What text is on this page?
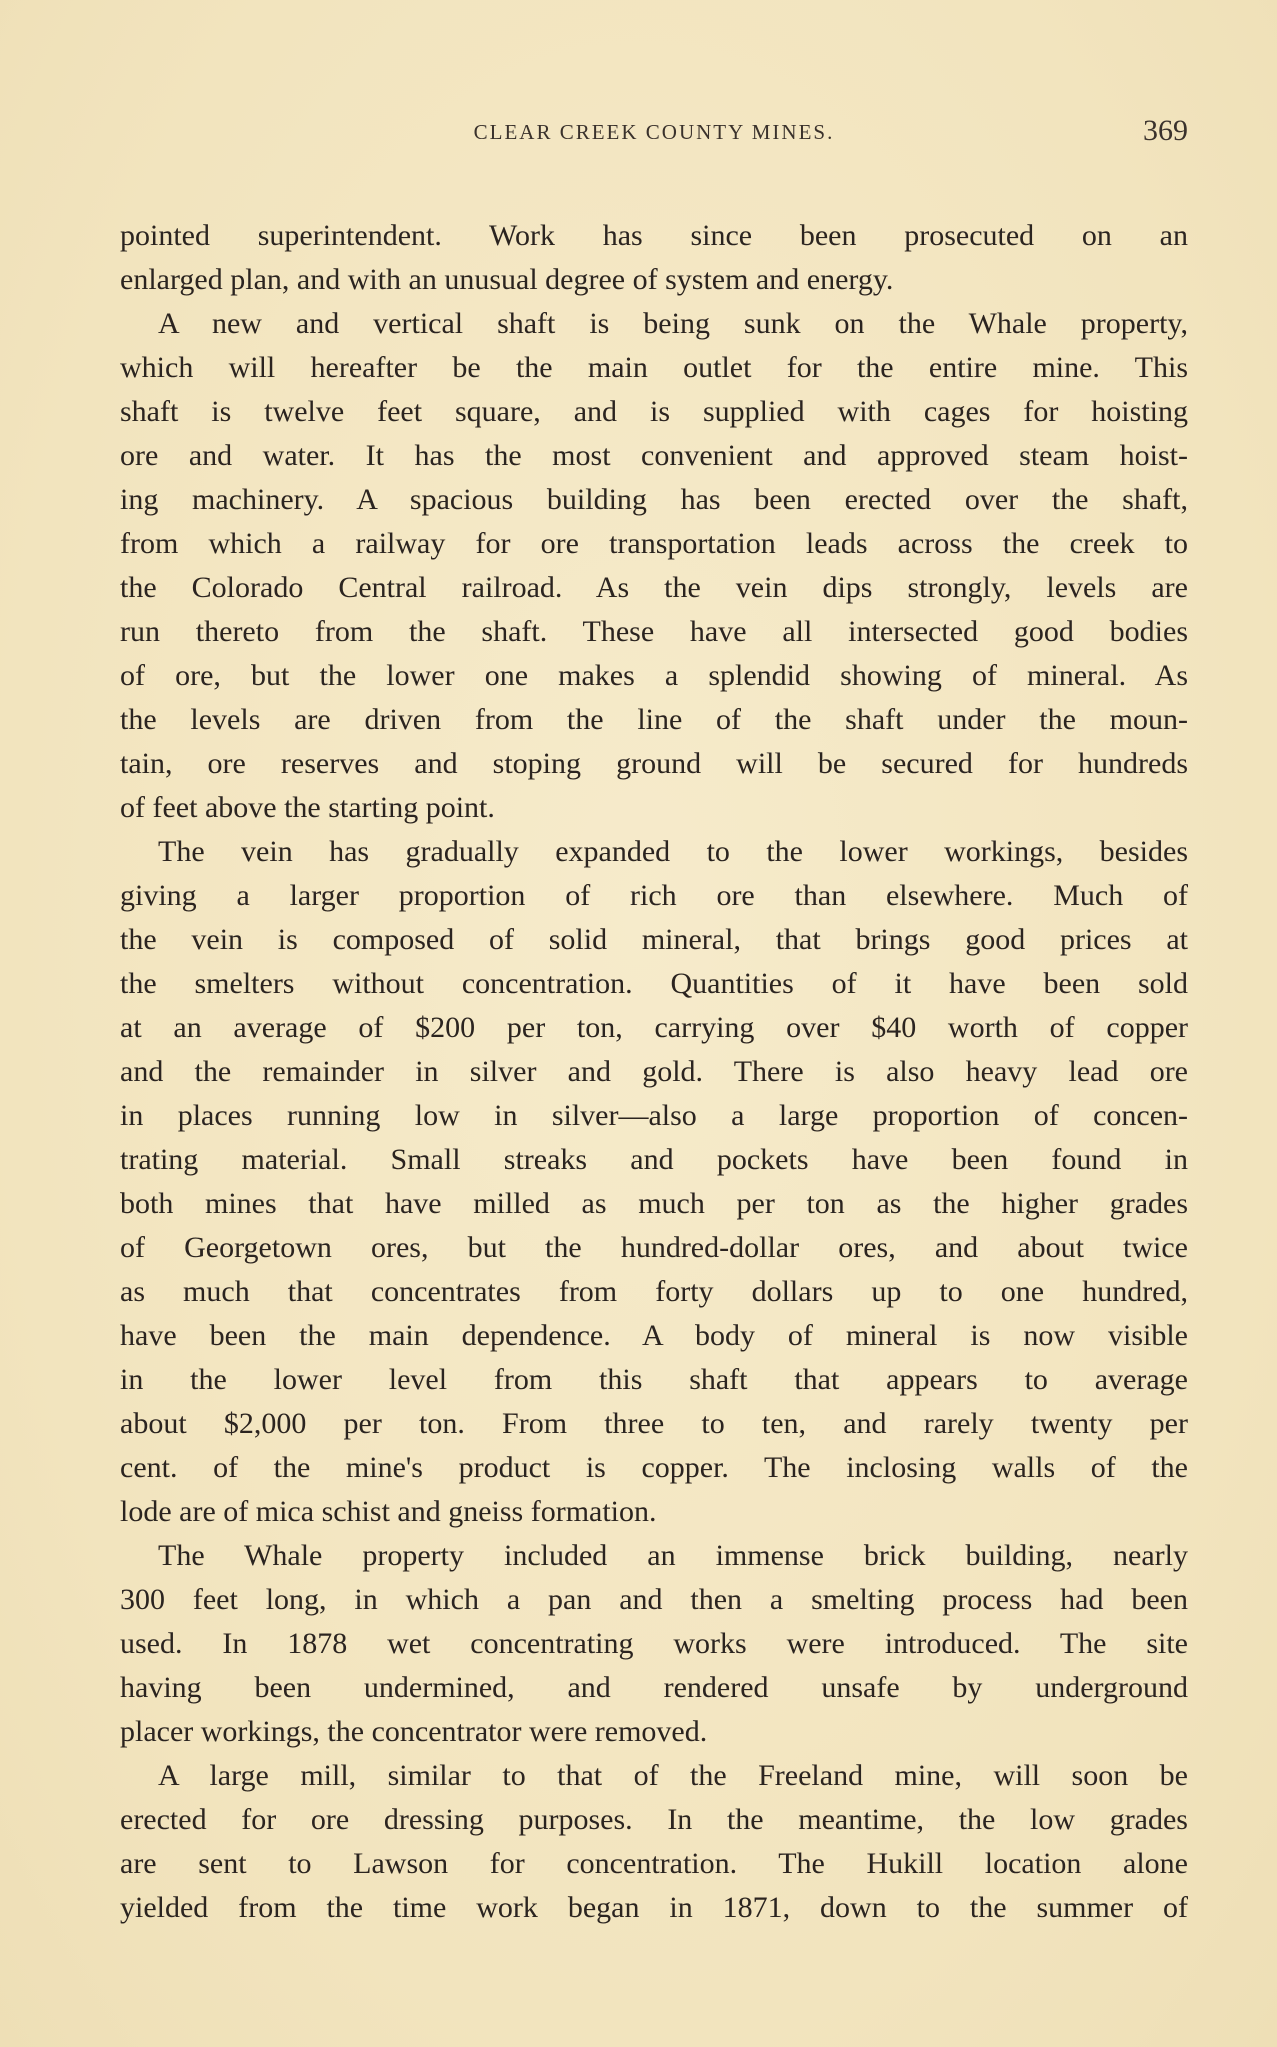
CLEAR CREEK COUNTY MINES.	369
pointed superintendent. Work has since been prosecuted on an
enlarged plan, and with an unusual degree of system and energy.
A new and vertical shaft is being sunk on the Whale property,
which will hereafter be the main outlet for the entire mine. This
shaft is twelve feet square, and is supplied with cages for hoisting
ore and water. It has the most convenient and approved steam hoist-
ing machinery. A spacious building has been erected over the shaft,
from which a railway for ore transportation leads across the creek to
the Colorado Central railroad. As the vein dips strongly, levels are
run thereto from the shaft. These have all intersected good bodies
of ore, but the lower one makes a splendid showing of mineral. As
the levels are driven from the line of the shaft under the moun-
tain, ore reserves and stoping ground will be secured for hundreds
of feet above the starting point.
The vein has gradually expanded to the lower workings, besides
giving a larger proportion of rich ore than elsewhere. Much of
the vein is composed of solid mineral, that brings good prices at
the smelters without concentration. Quantities of it have been sold
at an average of $200 per ton, carrying over $40 worth of copper
and the remainder in silver and gold. There is also heavy lead ore
in places running low in silver—also a large proportion of concen-
trating material. Small streaks and pockets have been found in
both mines that have milled as much per ton as the higher grades
of Georgetown ores, but the hundred-dollar ores, and about twice
as much that concentrates from forty dollars up to one hundred,
have been the main dependence. A body of mineral is now visible
in the lower level from this shaft that appears to average
about $2,000 per ton. From three to ten, and rarely twenty per
cent. of the mine's product is copper. The inclosing walls of the
lode are of mica schist and gneiss formation.
The Whale property included an immense brick building, nearly
300 feet long, in which a pan and then a smelting process had been
used. In 1878 wet concentrating works were introduced. The site
having been undermined, and rendered unsafe by underground
placer workings, the concentrator were removed.
A large mill, similar to that of the Freeland mine, will soon be
erected for ore dressing purposes. In the meantime, the low grades
are sent to Lawson for concentration. The Hukill location alone
yielded from the time work began in 1871, down to the summer of
